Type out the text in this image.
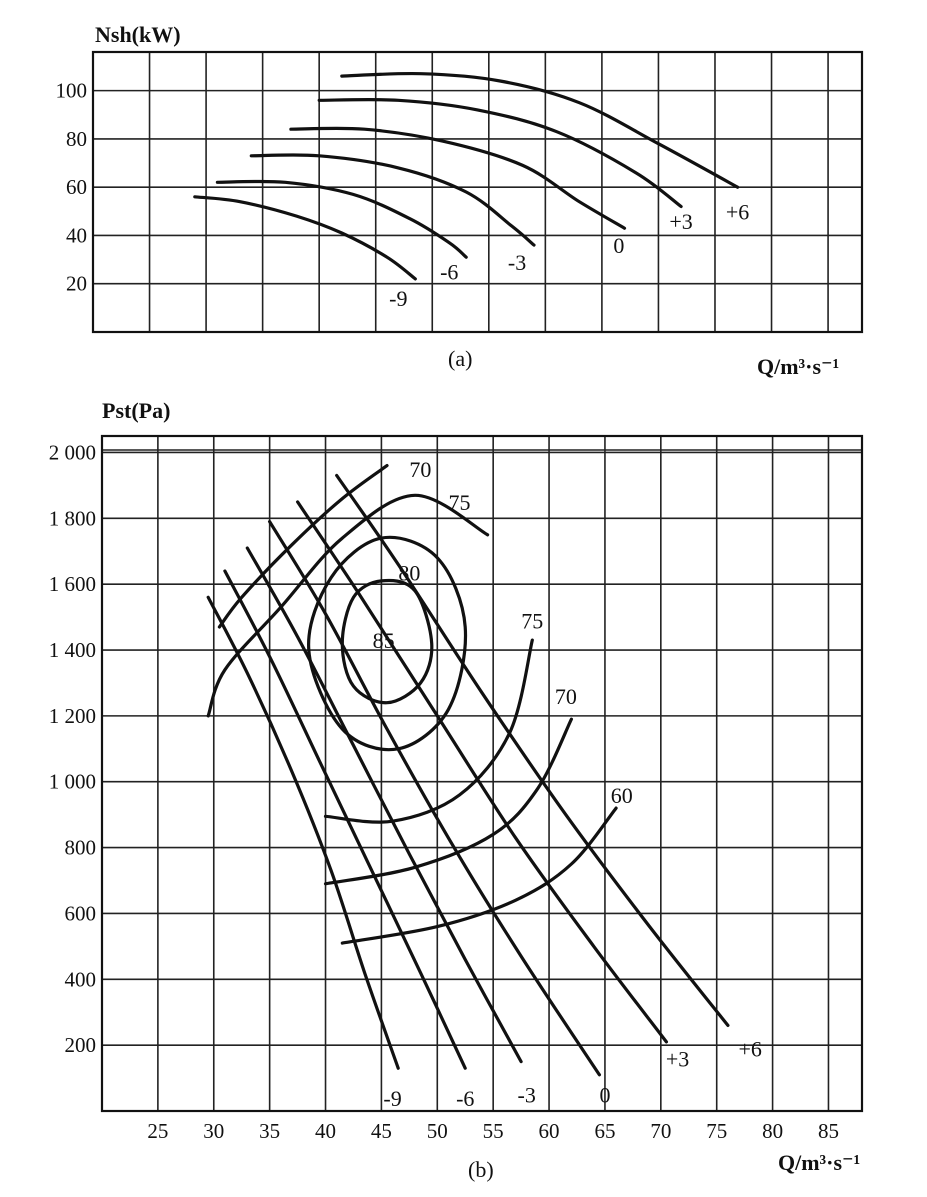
20
40
60
80
100
-9
-6 -3
0
+3 +6
Nsh(kW)
(a)	Q/m³·s⁻¹
200
400
600
800
1 000
1 200
1 400
1 600
1 800
2 000
25 30 35 40 45 50 55 60 65 70 75 80 85
-9 -6 -3	0
+3 +6
85
80
75
75
70
70
60
Pst(Pa)
(b)	Q/m³·s⁻¹
